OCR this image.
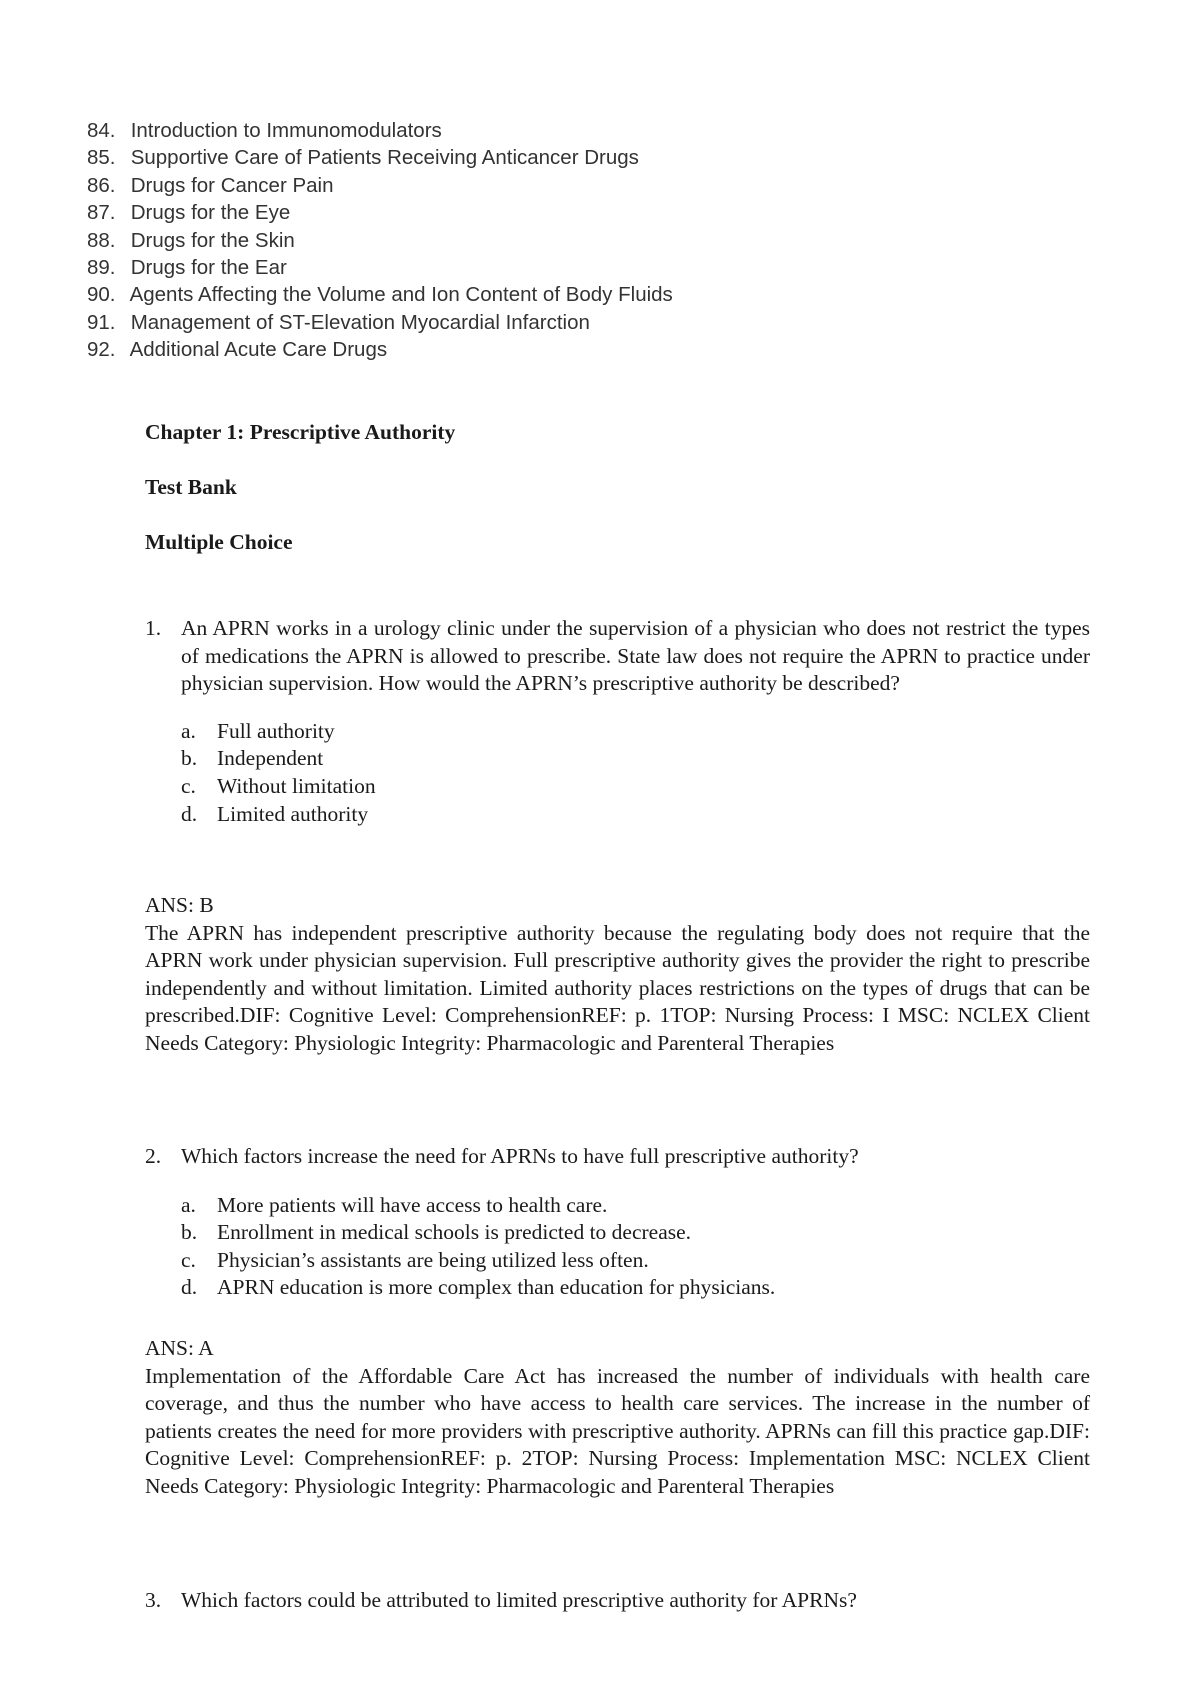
84. Introduction to Immunomodulators
85. Supportive Care of Patients Receiving Anticancer Drugs
86. Drugs for Cancer Pain
87. Drugs for the Eye
88. Drugs for the Skin
89. Drugs for the Ear
90. Agents Affecting the Volume and Ion Content of Body Fluids
91. Management of ST-Elevation Myocardial Infarction
92. Additional Acute Care Drugs
Chapter 1: Prescriptive Authority
Test Bank
Multiple Choice
1. An APRN works in a urology clinic under the supervision of a physician who does not restrict the types of medications the APRN is allowed to prescribe. State law does not require the APRN to practice under physician supervision. How would the APRN’s prescriptive authority be described?
a. Full authority
b. Independent
c. Without limitation
d. Limited authority
ANS: B
The APRN has independent prescriptive authority because the regulating body does not require that the APRN work under physician supervision. Full prescriptive authority gives the provider the right to prescribe independently and without limitation. Limited authority places restrictions on the types of drugs that can be prescribed.DIF: Cognitive Level: ComprehensionREF: p. 1TOP: Nursing Process: I MSC: NCLEX Client Needs Category: Physiologic Integrity: Pharmacologic and Parenteral Therapies
2. Which factors increase the need for APRNs to have full prescriptive authority?
a. More patients will have access to health care.
b. Enrollment in medical schools is predicted to decrease.
c. Physician’s assistants are being utilized less often.
d. APRN education is more complex than education for physicians.
ANS: A
Implementation of the Affordable Care Act has increased the number of individuals with health care coverage, and thus the number who have access to health care services. The increase in the number of patients creates the need for more providers with prescriptive authority. APRNs can fill this practice gap.DIF: Cognitive Level: ComprehensionREF: p. 2TOP: Nursing Process: Implementation MSC: NCLEX Client Needs Category: Physiologic Integrity: Pharmacologic and Parenteral Therapies
3. Which factors could be attributed to limited prescriptive authority for APRNs?
